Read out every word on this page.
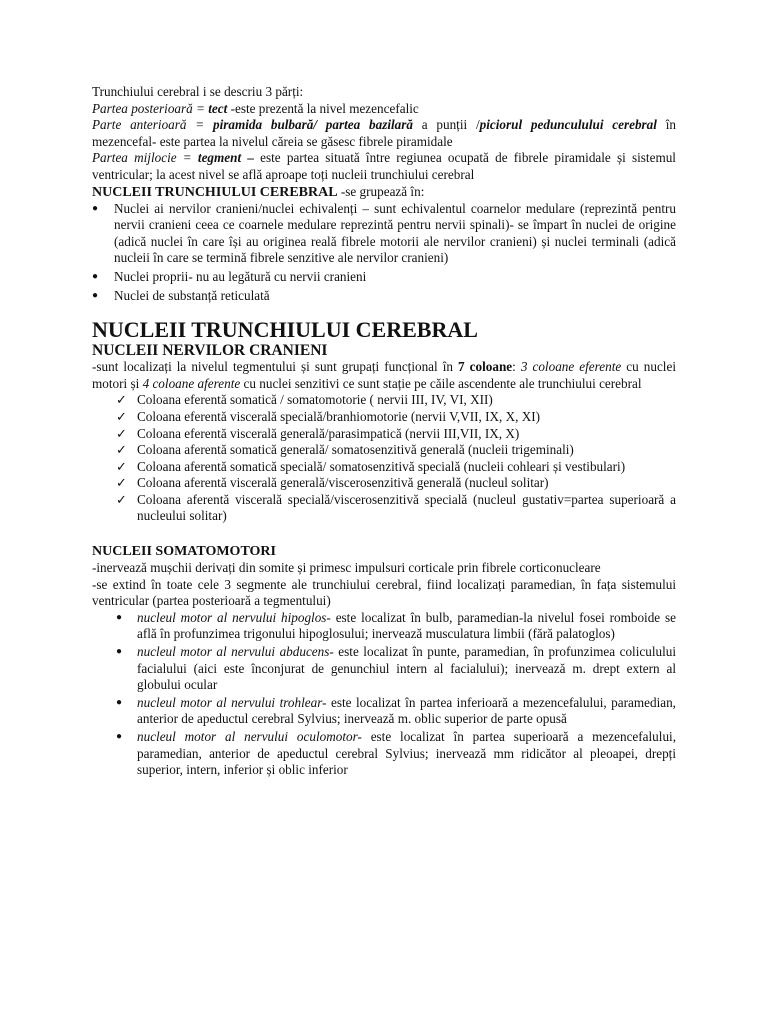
Trunchiului cerebral i se descriu 3 părți:

Partea posterioară = tect -este prezentă la nivel mezencefalic

Parte anterioară = piramida bulbară/ partea bazilară a punții /piciorul pedunculului cerebral în mezencefal- este partea la nivelul căreia se găsesc fibrele piramidale

Partea mijlocie = tegment – este partea situată între regiunea ocupată de fibrele piramidale și sistemul ventricular; la acest nivel se află aproape toți nucleii trunchiului cerebral

NUCLEII TRUNCHIULUI CEREBRAL -se grupează în:

● Nuclei ai nervilor cranieni/nuclei echivalenți – sunt echivalentul coarnelor medulare (reprezintă pentru nervii cranieni ceea ce coarnele medulare reprezintă pentru nervii spinali)- se împart în nuclei de origine (adică nuclei în care își au originea reală fibrele motorii ale nervilor cranieni) și nuclei terminali (adică nucleii în care se termină fibrele senzitive ale nervilor cranieni)
● Nuclei proprii- nu au legătură cu nervii cranieni
● Nuclei de substanță reticulată
NUCLEII TRUNCHIULUI CEREBRAL
NUCLEII NERVILOR CRANIENI

-sunt localizați la nivelul tegmentului și sunt grupați funcțional în 7 coloane: 3 coloane eferente cu nuclei motori și 4 coloane aferente cu nuclei senzitivi ce sunt stație pe căile ascendente ale trunchiului cerebral

✓ Coloana eferentă somatică / somatomotorie ( nervii III, IV, VI, XII)
✓ Coloana eferentă viscerală specială/branhiomotorie (nervii V,VII, IX, X, XI)
✓ Coloana eferentă viscerală generală/parasimpatică (nervii III,VII, IX, X)
✓ Coloana aferentă somatică generală/ somatosenzitivă generală (nucleii trigeminali)
✓ Coloana aferentă somatică specială/ somatosenzitivă specială (nucleii cohleari și vestibulari)
✓ Coloana aferentă viscerală generală/viscerosenzitivă generală (nucleul solitar)
✓ Coloana aferentă viscerală specială/viscerosenzitivă specială (nucleul gustativ=partea superioară a nucleului solitar)
NUCLEII SOMATOMOTORI

-inervează mușchii derivați din somite și primesc impulsuri corticale prin fibrele corticonucleare

-se extind în toate cele 3 segmente ale trunchiului cerebral, fiind localizați paramedian, în fața sistemului ventricular (partea posterioară a tegmentului)

● nucleul motor al nervului hipoglos- este localizat în bulb, paramedian-la nivelul fosei romboide se află în profunzimea trigonului hipoglosului; inervează musculatura limbii (fără palatoglos)
● nucleul motor al nervului abducens- este localizat în punte, paramedian, în profunzimea coliculului facialului (aici este înconjurat de genunchiul intern al facialului); inervează m. drept extern al globului ocular
● nucleul motor al nervului trohlear- este localizat în partea inferioară a mezencefalului, paramedian, anterior de apeductul cerebral Sylvius; inervează m. oblic superior de parte opusă
● nucleul motor al nervului oculomotor- este localizat în partea superioară a mezencefalului, paramedian, anterior de apeductul cerebral Sylvius; inervează mm ridicător al pleoapei, drepți superior, intern, inferior și oblic inferior
